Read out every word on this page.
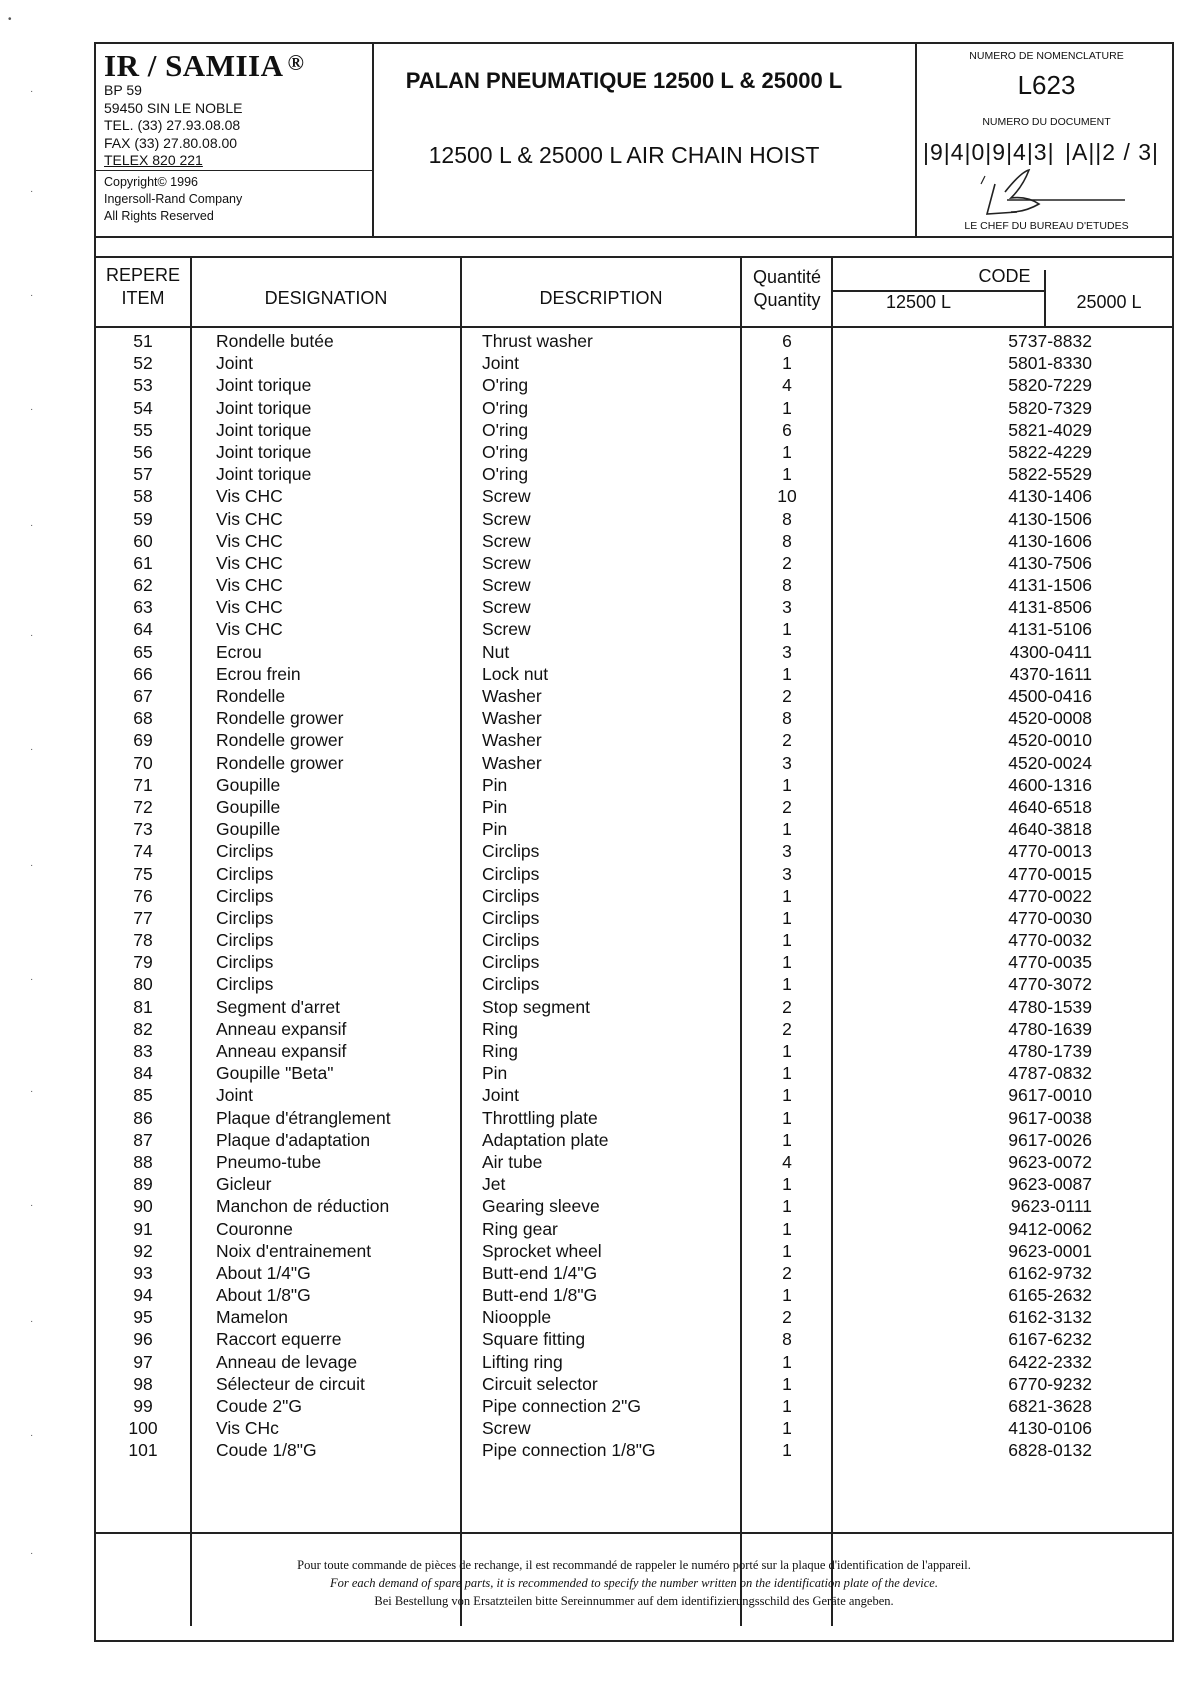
IR / SAMIIA ®
BP 59
59450 SIN LE NOBLE
TEL. (33) 27.93.08.08
FAX (33) 27.80.08.00
TELEX 820 221
Copyright© 1996
Ingersoll-Rand Company
All Rights Reserved
PALAN PNEUMATIQUE 12500 L & 25000 L
12500 L & 25000 L AIR CHAIN HOIST
NUMERO DE NOMENCLATURE
L623
NUMERO DU DOCUMENT
|9|4|0|9|4|3| |A||2 / 3|
LE CHEF DU BUREAU D'ETUDES
REPERE
ITEM	DESIGNATION	DESCRIPTION
Quantité
Quantity
CODE
12500 L	25000 L
51	Rondelle butée	Thrust washer	6	5737-8832
52	Joint	Joint	1	5801-8330
53	Joint torique	O'ring	4	5820-7229
54	Joint torique	O'ring	1	5820-7329
55	Joint torique	O'ring	6	5821-4029
56	Joint torique	O'ring	1	5822-4229
57	Joint torique	O'ring	1	5822-5529
58	Vis CHC	Screw	10	4130-1406
59	Vis CHC	Screw	8	4130-1506
60	Vis CHC	Screw	8	4130-1606
61	Vis CHC	Screw	2	4130-7506
62	Vis CHC	Screw	8	4131-1506
63	Vis CHC	Screw	3	4131-8506
64	Vis CHC	Screw	1	4131-5106
65	Ecrou	Nut	3	4300-0411
66	Ecrou frein	Lock nut	1	4370-1611
67	Rondelle	Washer	2	4500-0416
68	Rondelle grower	Washer	8	4520-0008
69	Rondelle grower	Washer	2	4520-0010
70	Rondelle grower	Washer	3	4520-0024
71	Goupille	Pin	1	4600-1316
72	Goupille	Pin	2	4640-6518
73	Goupille	Pin	1	4640-3818
74	Circlips	Circlips	3	4770-0013
75	Circlips	Circlips	3	4770-0015
76	Circlips	Circlips	1	4770-0022
77	Circlips	Circlips	1	4770-0030
78	Circlips	Circlips	1	4770-0032
79	Circlips	Circlips	1	4770-0035
80	Circlips	Circlips	1	4770-3072
81	Segment d'arret	Stop segment	2	4780-1539
82	Anneau expansif	Ring	2	4780-1639
83	Anneau expansif	Ring	1	4780-1739
84	Goupille "Beta"	Pin	1	4787-0832
85	Joint	Joint	1	9617-0010
86	Plaque d'étranglement	Throttling plate	1	9617-0038
87	Plaque d'adaptation	Adaptation plate	1	9617-0026
88	Pneumo-tube	Air tube	4	9623-0072
89	Gicleur	Jet	1	9623-0087
90	Manchon de réduction	Gearing sleeve	1	9623-0111
91	Couronne	Ring gear	1	9412-0062
92	Noix d'entrainement	Sprocket wheel	1	9623-0001
93	About 1/4"G	Butt-end 1/4"G	2	6162-9732
94	About 1/8"G	Butt-end 1/8"G	1	6165-2632
95	Mamelon	Nioopple	2	6162-3132
96	Raccort equerre	Square fitting	8	6167-6232
97	Anneau de levage	Lifting ring	1	6422-2332
98	Sélecteur de circuit	Circuit selector	1	6770-9232
99	Coude 2"G	Pipe connection 2"G	1	6821-3628
100	Vis CHc	Screw	1	4130-0106
101	Coude 1/8"G	Pipe connection 1/8"G	1	6828-0132
Pour toute commande de pièces de rechange, il est recommandé de rappeler le numéro porté sur la plaque d'identification de l'appareil.
For each demand of spare parts, it is recommended to specify the number written on the identification plate of the device.
Bei Bestellung von Ersatzteilen bitte Sereinnummer auf dem identifizierungsschild des Geräte angeben.
•
·
·
·
·
·
·
·
·
·
·
·
·
·
·
